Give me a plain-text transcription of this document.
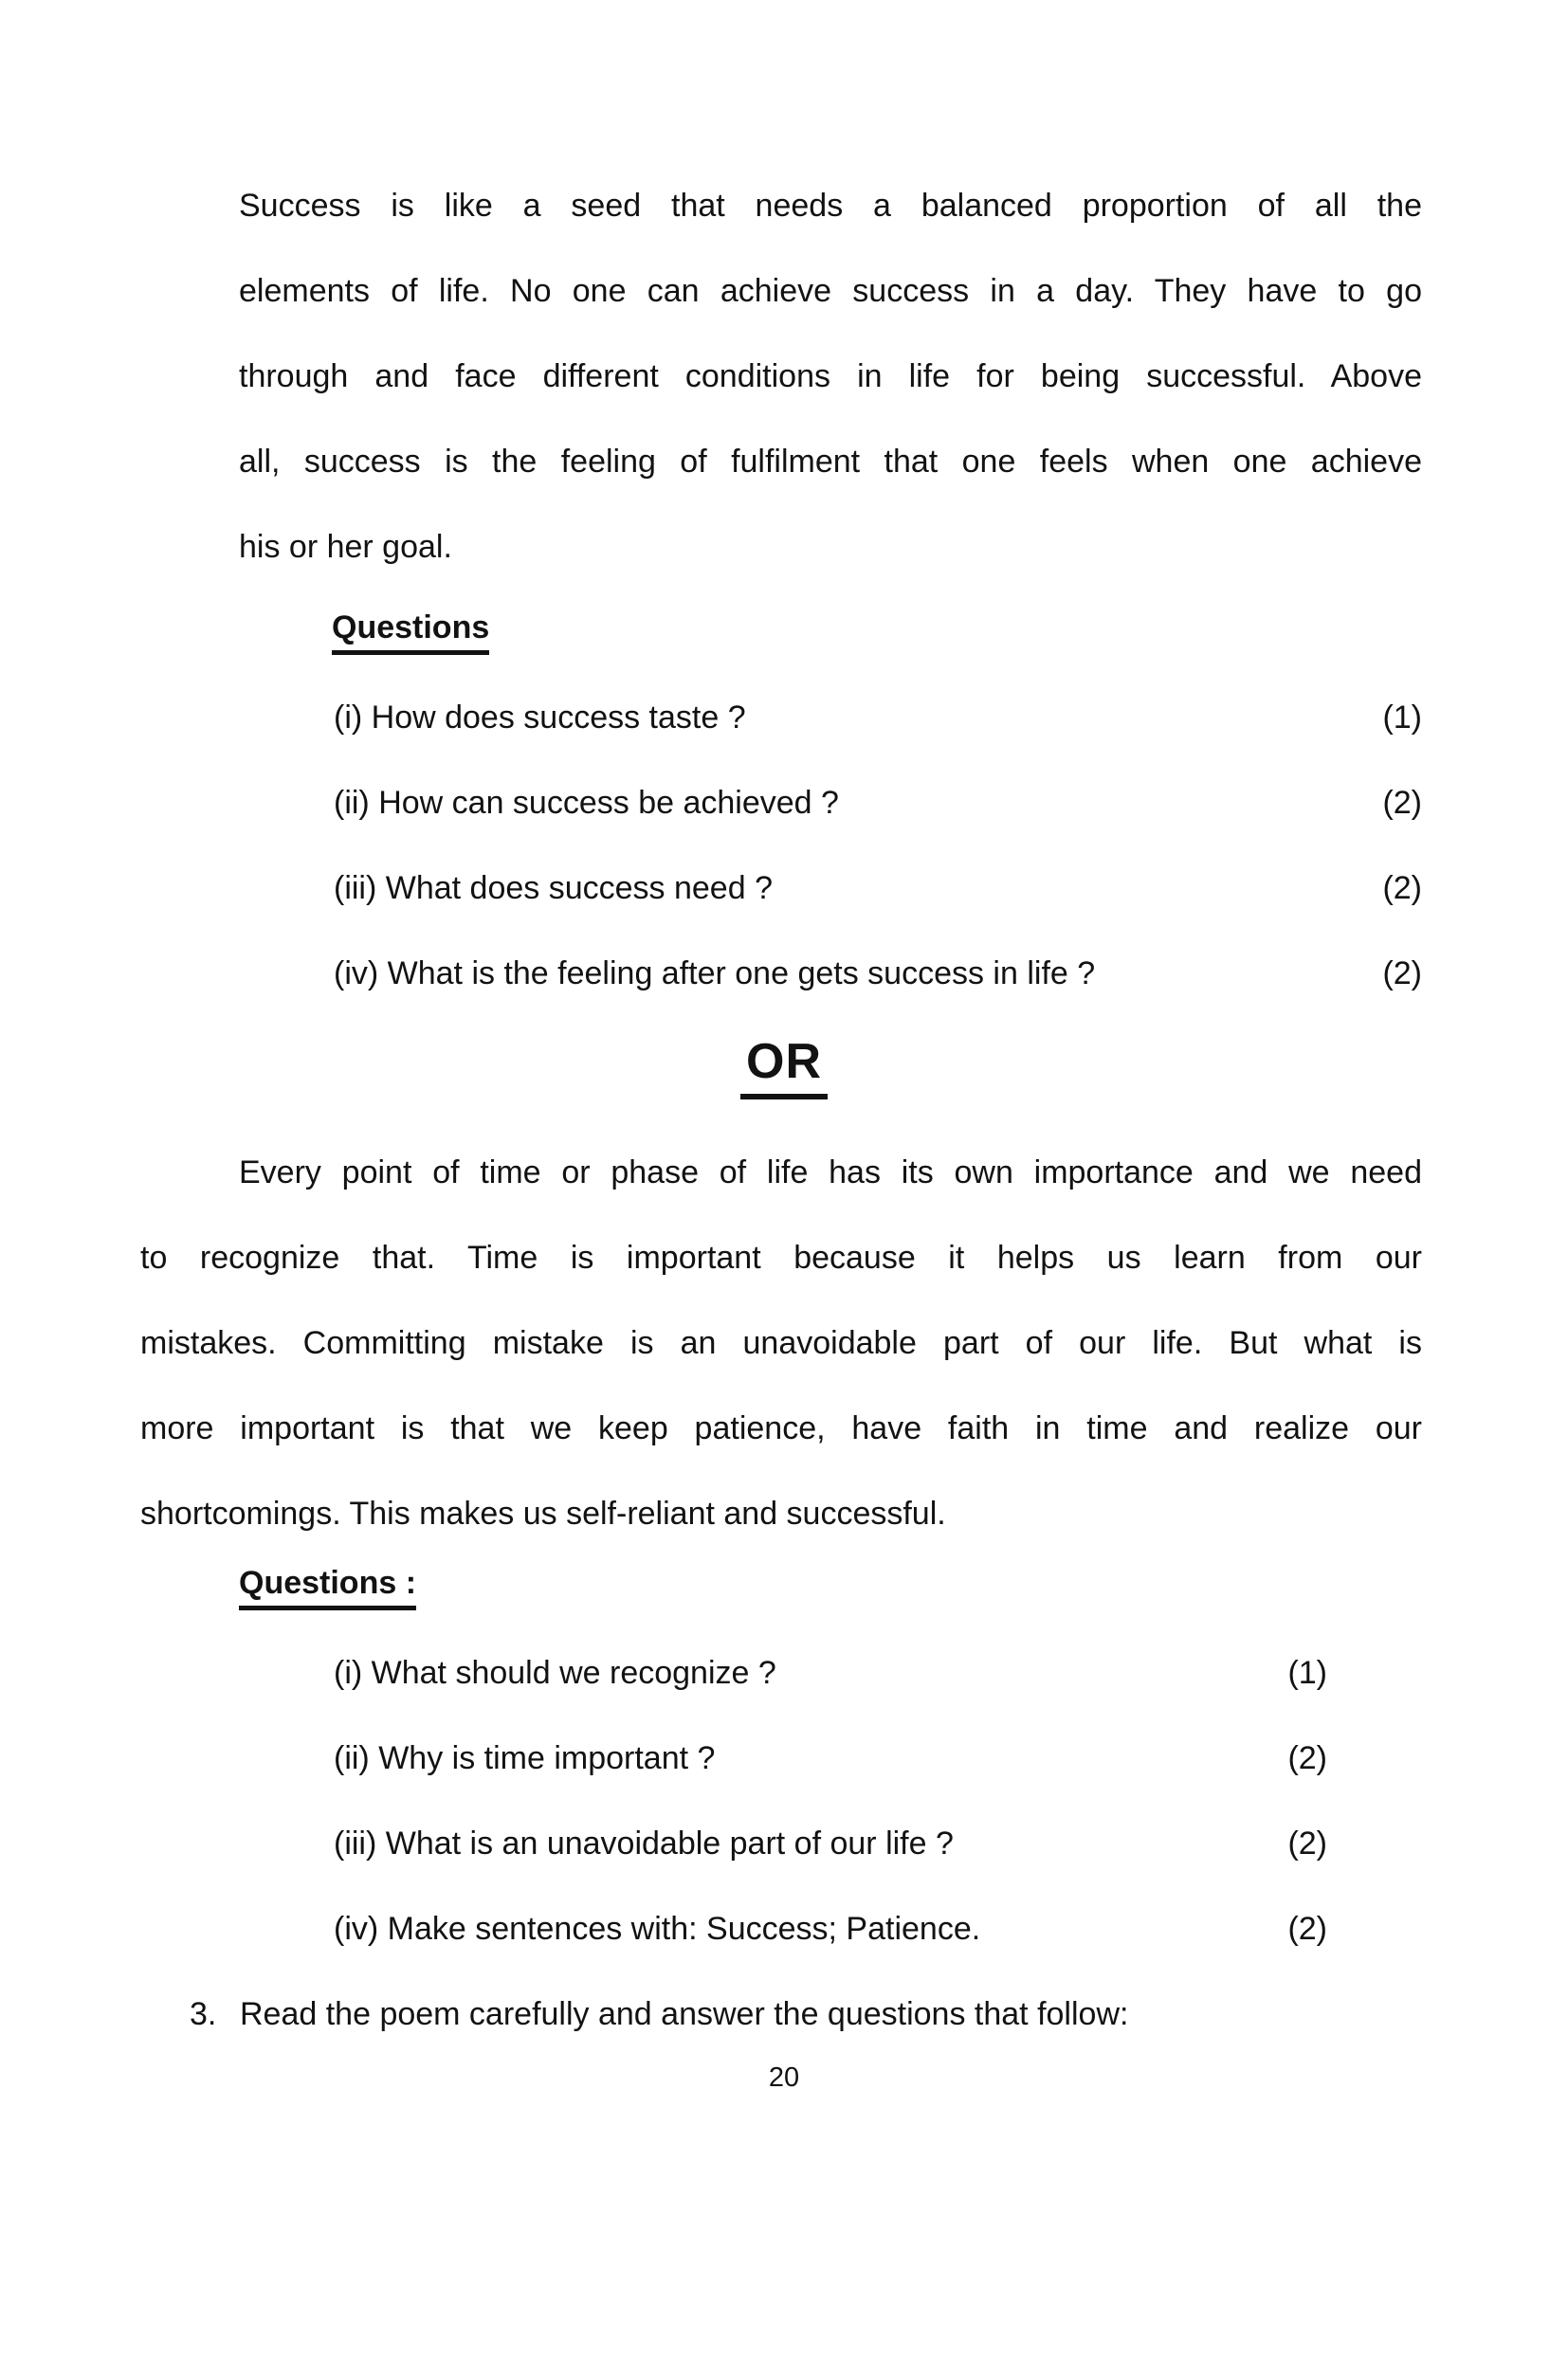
Success is like a seed that needs a balanced proportion of all the
elements of life. No one can achieve success in a day. They have to go
through and face different conditions in life for being successful. Above
all, success is the feeling of fulfilment that one feels when one achieve
his or her goal.
Questions
(i) How does success taste ?	(1)
(ii) How can success be achieved ?	(2)
(iii) What does success need ?	(2)
(iv) What is the feeling after one gets success in life ?	(2)
OR
Every point of time or phase of life has its own importance and we need
to recognize that. Time is important because it helps us learn from our
mistakes. Committing mistake is an unavoidable part of our life. But what is
more important is that we keep patience, have faith in time and realize our
shortcomings. This makes us self-reliant and successful.
Questions :
(i) What should we recognize ?	(1)
(ii) Why is time important ?	(2)
(iii) What is an unavoidable part of our life ?	(2)
(iv) Make sentences with: Success; Patience.	(2)
3. Read the poem carefully and answer the questions that follow:
20
